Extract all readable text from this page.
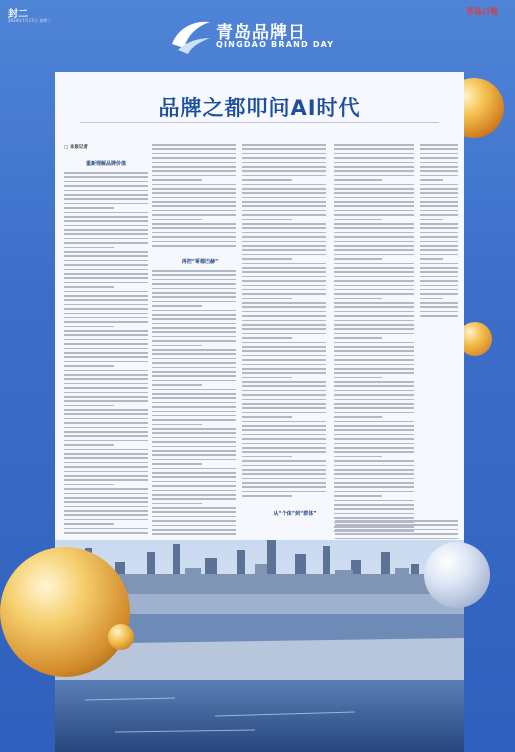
封二
2024年7月17日 星期三
青島日報
青岛品牌日
QINGDAO BRAND DAY
品牌之都叩问AI时代
□ 本报记者
重新理解品牌价值
再把“哥德巴赫”
从“个体”到“群体”
